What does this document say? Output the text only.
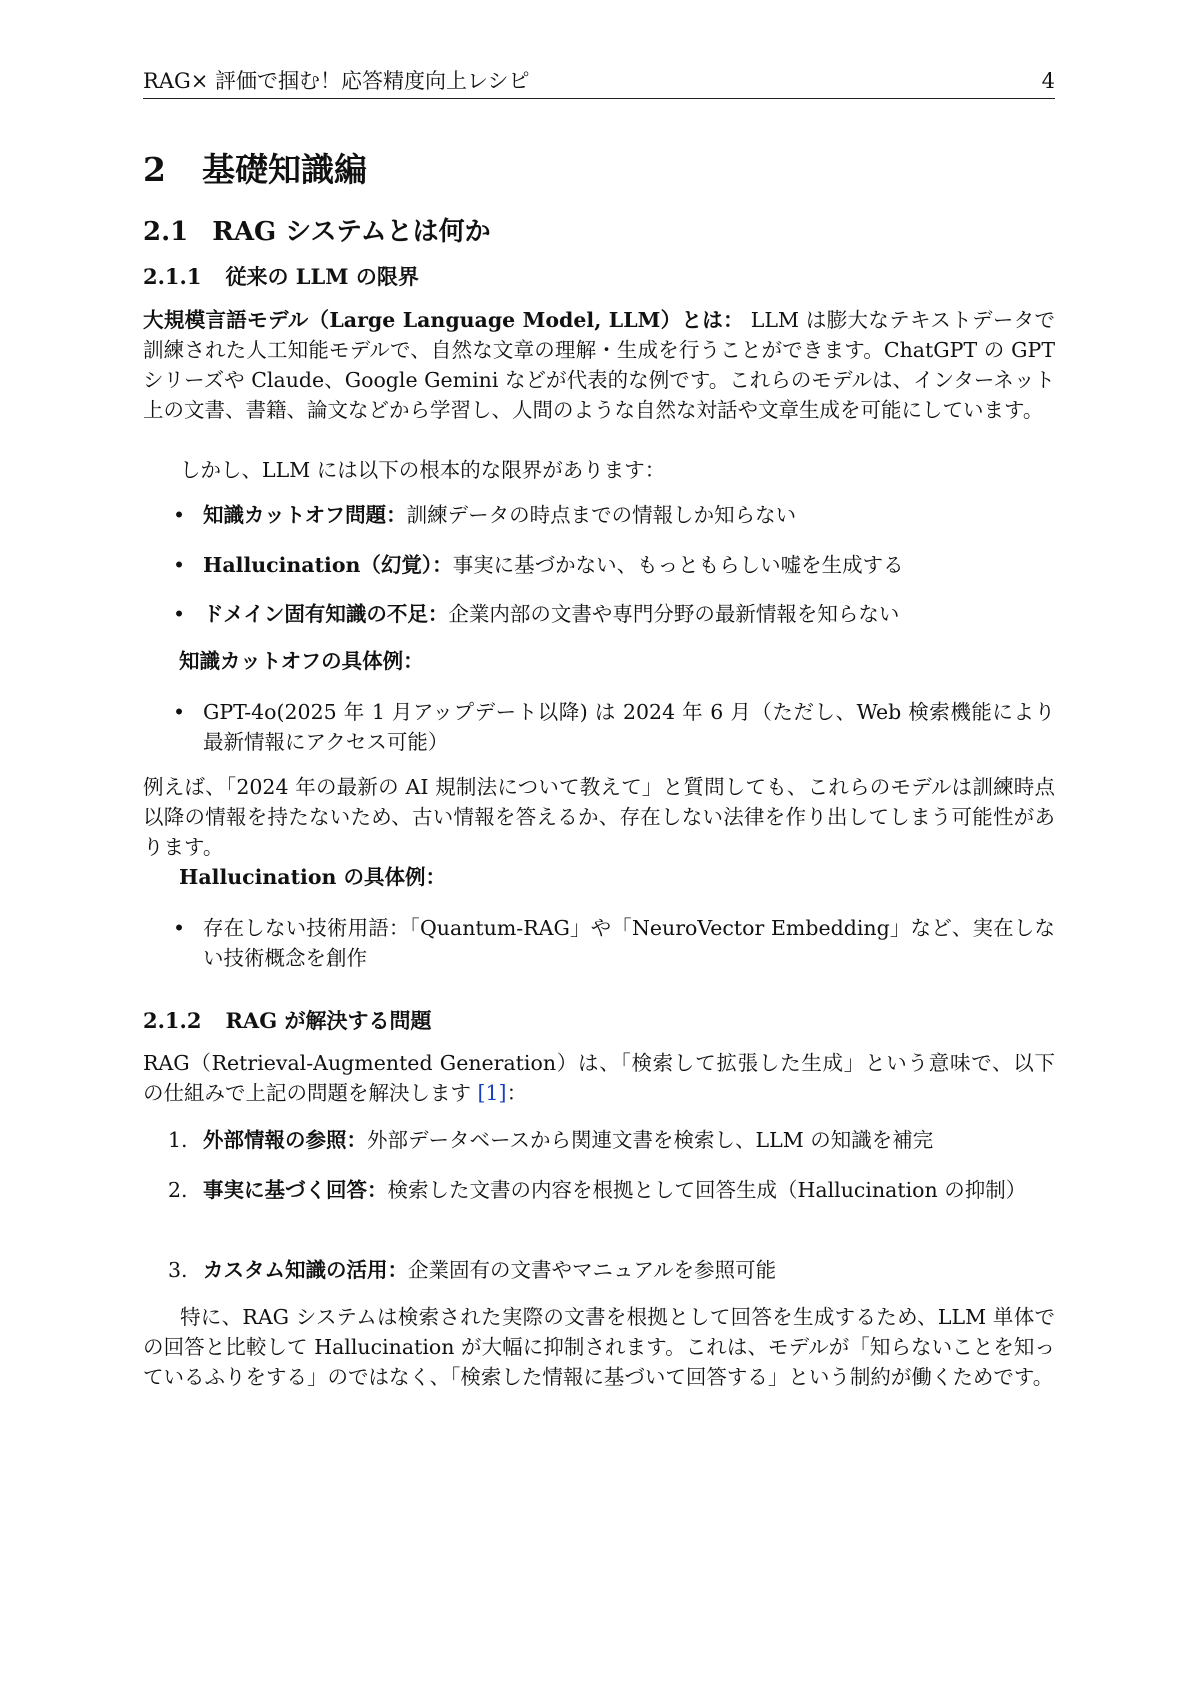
RAG× 評価で掴む！応答精度向上レシピ	4
2 基礎知識編
2.1 RAG システムとは何か
2.1.1 従来の LLM の限界

大規模言語モデル（Large Language Model, LLM）とは： LLM は膨大なテキストデータで訓練された人工知能モデルで、自然な文章の理解・生成を行うことができます。ChatGPT の GPT シリーズや Claude、Google Gemini などが代表的な例です。これらのモデルは、インターネット上の文書、書籍、論文などから学習し、人間のような自然な対話や文章生成を可能にしています。

しかし、LLM には以下の根本的な限界があります：

• 知識カットオフ問題：訓練データの時点までの情報しか知らない
• Hallucination（幻覚）：事実に基づかない、もっともらしい嘘を生成する
• ドメイン固有知識の不足：企業内部の文書や専門分野の最新情報を知らない
知識カットオフの具体例：
• GPT-4o(2025 年 1 月アップデート以降) は 2024 年 6 月（ただし、Web 検索機能により最新情報にアクセス可能）

例えば、「2024 年の最新の AI 規制法について教えて」と質問しても、これらのモデルは訓練時点以降の情報を持たないため、古い情報を答えるか、存在しない法律を作り出してしまう可能性があります。

Hallucination の具体例：
• 存在しない技術用語：「Quantum-RAG」や「NeuroVector Embedding」など、実在しない技術概念を創作
2.1.2 RAG が解決する問題

RAG（Retrieval-Augmented Generation）は、「検索して拡張した生成」という意味で、以下の仕組みで上記の問題を解決します [1]：

1. 外部情報の参照：外部データベースから関連文書を検索し、LLM の知識を補完
2. 事実に基づく回答：検索した文書の内容を根拠として回答生成（Hallucination の抑制）
3. カスタム知識の活用：企業固有の文書やマニュアルを参照可能

特に、RAG システムは検索された実際の文書を根拠として回答を生成するため、LLM 単体での回答と比較して Hallucination が大幅に抑制されます。これは、モデルが「知らないことを知っているふりをする」のではなく、「検索した情報に基づいて回答する」という制約が働くためです。
